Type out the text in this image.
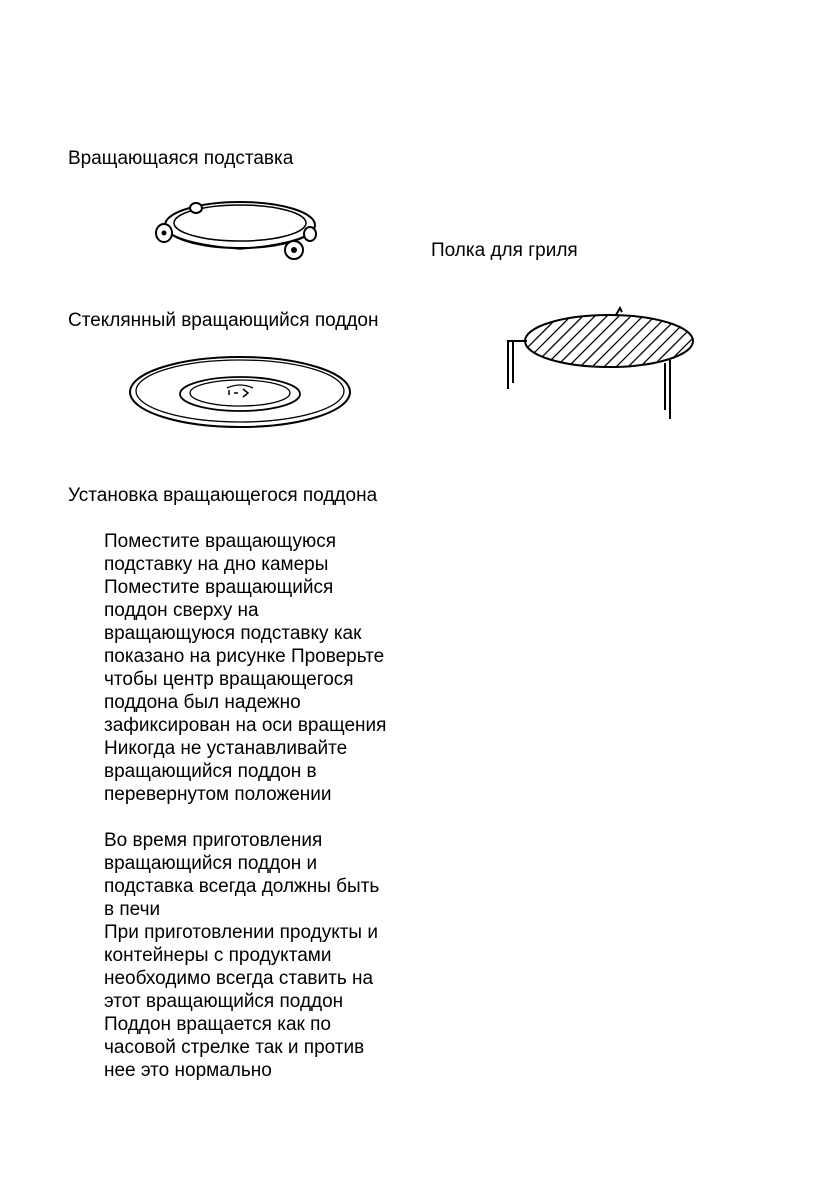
Вращающаяся подставка

Полка для гриля

Стеклянный вращающийся поддон

Установка вращающегося поддона

Поместите вращающуюся
подставку на дно камеры
Поместите вращающийся
поддон сверху на
вращающуюся подставку как
показано на рисунке Проверьте
чтобы центр вращающегося
поддона был надежно
зафиксирован на оси вращения
Никогда не устанавливайте
вращающийся поддон в
перевернутом положении
Во время приготовления
вращающийся поддон и
подставка всегда должны быть
в печи
При приготовлении продукты и
контейнеры с продуктами
необходимо всегда ставить на
этот вращающийся поддон
Поддон вращается как по
часовой стрелке так и против
нее это нормально
